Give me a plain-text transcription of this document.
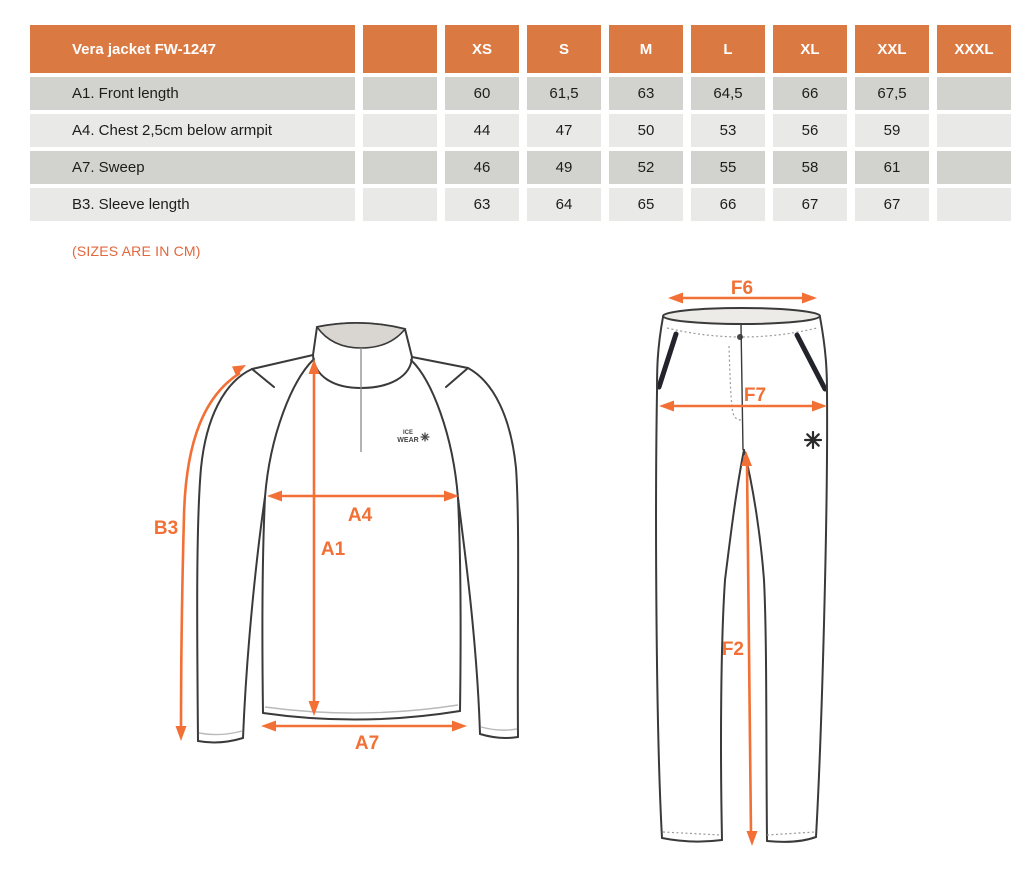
Vera jacket FW-1247	XS	S	M	L	XL	XXL	XXXL
A1. Front length	60	61,5	63	64,5	66	67,5
A4. Chest 2,5cm below armpit	44	47	50	53	56	59
A7. Sweep	46	49	52	55	58	61
B3. Sleeve length	63	64	65	66	67	67
(SIZES ARE IN CM)
ICE
WEAR
B3
A4
A1
A7
F6
F7
F2
